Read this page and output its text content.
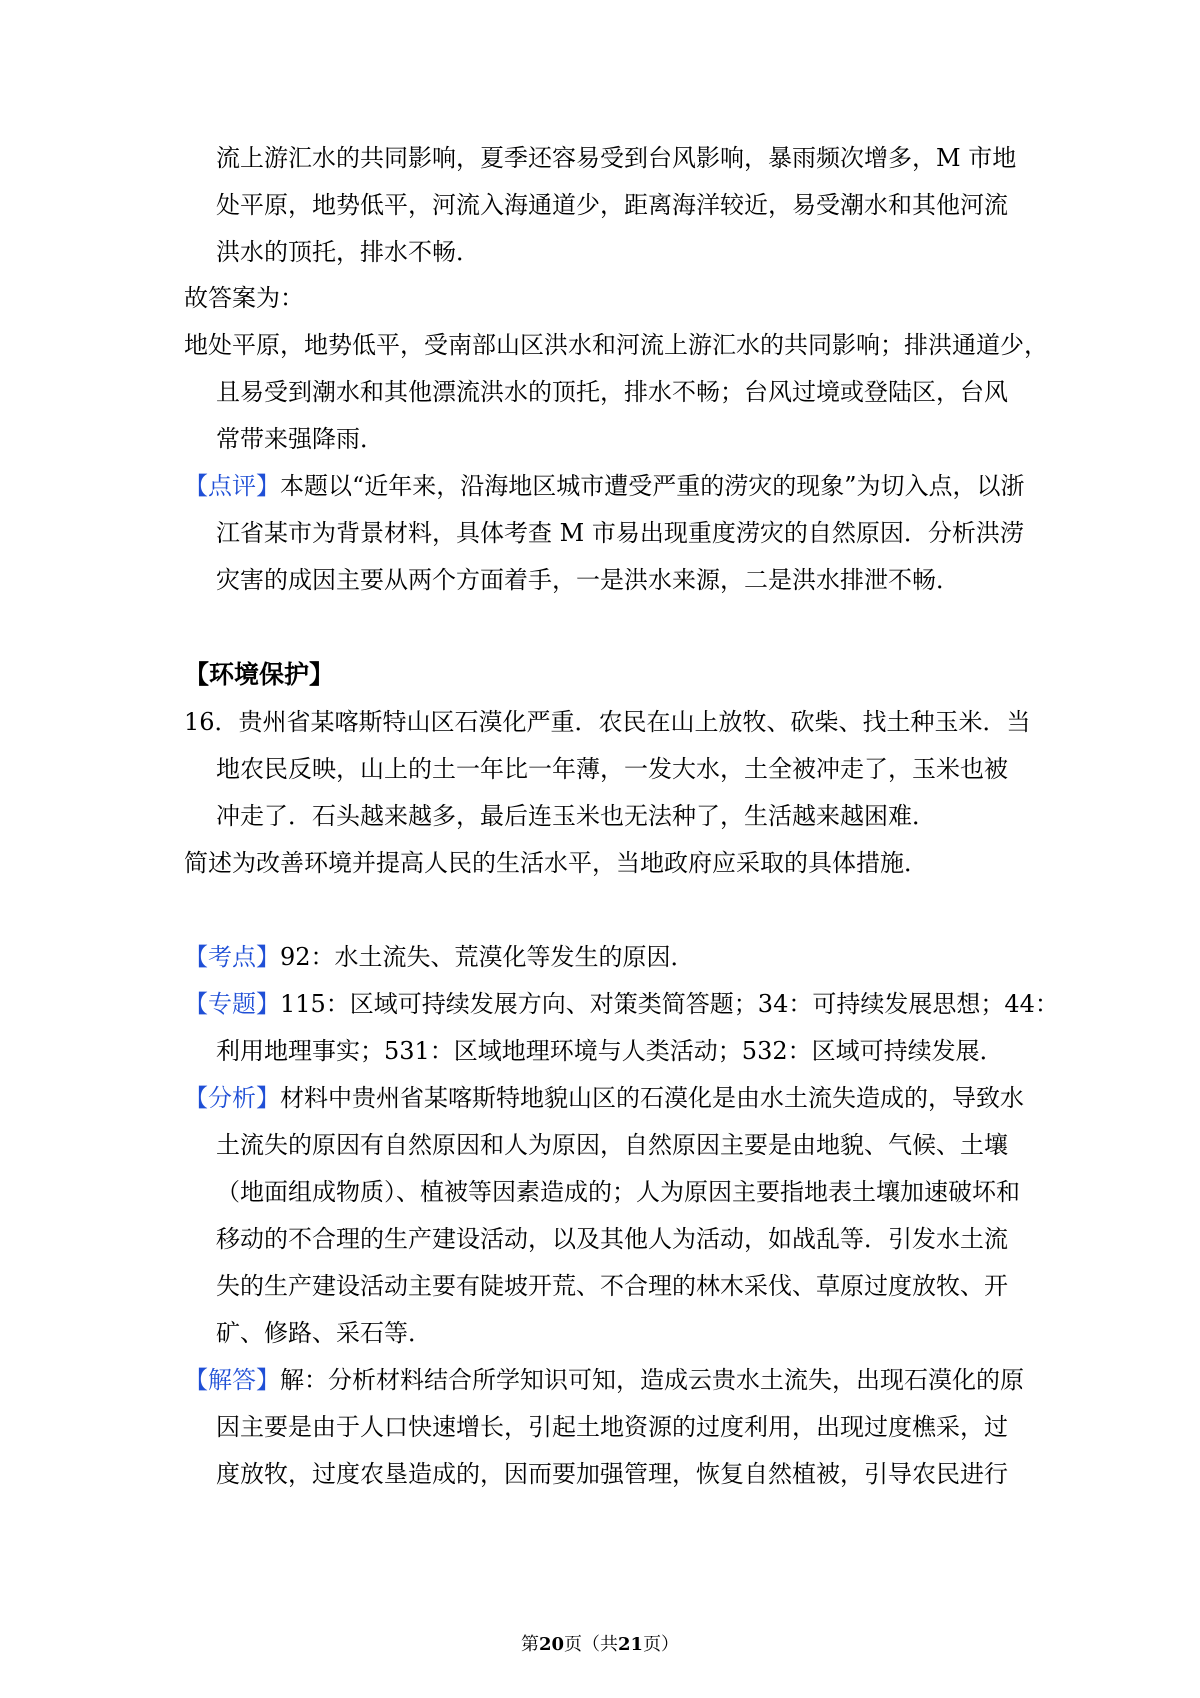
流上游汇水的共同影响，夏季还容易受到台风影响，暴雨频次增多，M 市地
处平原，地势低平，河流入海通道少，距离海洋较近，易受潮水和其他河流
洪水的顶托，排水不畅．
故答案为：
地处平原，地势低平，受南部山区洪水和河流上游汇水的共同影响；排洪通道少，
且易受到潮水和其他漂流洪水的顶托，排水不畅；台风过境或登陆区，台风
常带来强降雨．
【点评】本题以“近年来，沿海地区城市遭受严重的涝灾的现象”为切入点，以浙
江省某市为背景材料，具体考查 M 市易出现重度涝灾的自然原因．分析洪涝
灾害的成因主要从两个方面着手，一是洪水来源，二是洪水排泄不畅．
【环境保护】
16．贵州省某喀斯特山区石漠化严重．农民在山上放牧、砍柴、找土种玉米．当
地农民反映，山上的土一年比一年薄，一发大水，土全被冲走了，玉米也被
冲走了．石头越来越多，最后连玉米也无法种了，生活越来越困难．
简述为改善环境并提高人民的生活水平，当地政府应采取的具体措施．
【考点】92：水土流失、荒漠化等发生的原因．
【专题】115：区域可持续发展方向、对策类简答题；34：可持续发展思想；44：
利用地理事实；531：区域地理环境与人类活动；532：区域可持续发展．
【分析】材料中贵州省某喀斯特地貌山区的石漠化是由水土流失造成的，导致水
土流失的原因有自然原因和人为原因，自然原因主要是由地貌、气候、土壤
（地面组成物质）、植被等因素造成的；人为原因主要指地表土壤加速破坏和
移动的不合理的生产建设活动，以及其他人为活动，如战乱等．引发水土流
失的生产建设活动主要有陡坡开荒、不合理的林木采伐、草原过度放牧、开
矿、修路、采石等．
【解答】解：分析材料结合所学知识可知，造成云贵水土流失，出现石漠化的原
因主要是由于人口快速增长，引起土地资源的过度利用，出现过度樵采，过
度放牧，过度农垦造成的，因而要加强管理，恢复自然植被，引导农民进行
第20页（共21页）
